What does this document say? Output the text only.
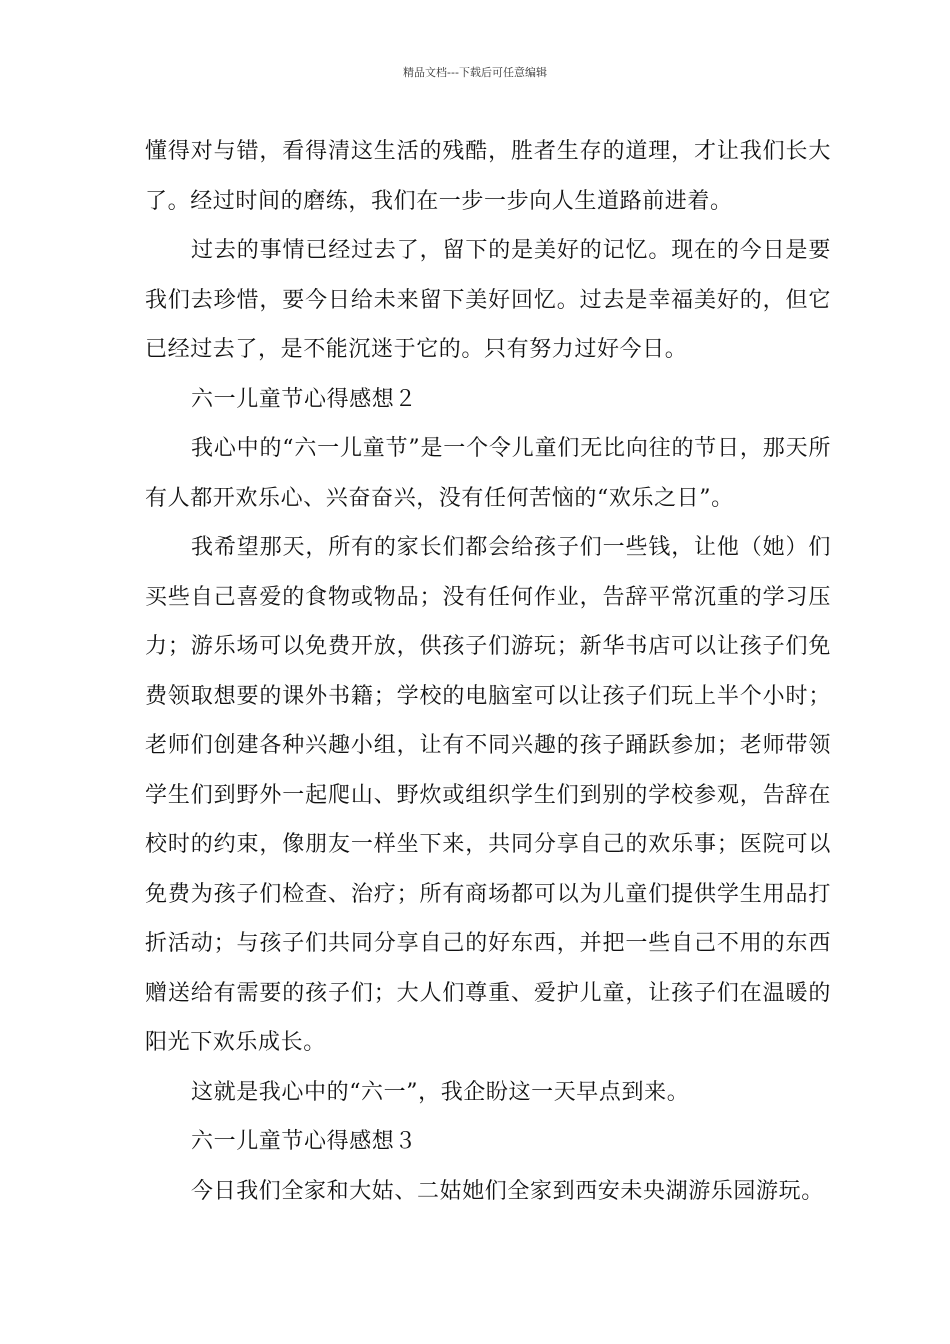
精品文档---下载后可任意编辑

懂得对与错，看得清这生活的残酷，胜者生存的道理，才让我们长大了。经过时间的磨练，我们在一步一步向人生道路前进着。

过去的事情已经过去了，留下的是美好的记忆。现在的今日是要我们去珍惜，要今日给未来留下美好回忆。过去是幸福美好的，但它已经过去了，是不能沉迷于它的。只有努力过好今日。

六一儿童节心得感想２

我心中的“六一儿童节”是一个令儿童们无比向往的节日，那天所有人都开欢乐心、兴奋奋兴，没有任何苦恼的“欢乐之日”。

我希望那天，所有的家长们都会给孩子们一些钱，让他（她）们买些自己喜爱的食物或物品；没有任何作业，告辞平常沉重的学习压力；游乐场可以免费开放，供孩子们游玩；新华书店可以让孩子们免费领取想要的课外书籍；学校的电脑室可以让孩子们玩上半个小时；老师们创建各种兴趣小组，让有不同兴趣的孩子踊跃参加；老师带领学生们到野外一起爬山、野炊或组织学生们到别的学校参观，告辞在校时的约束，像朋友一样坐下来，共同分享自己的欢乐事；医院可以免费为孩子们检查、治疗；所有商场都可以为儿童们提供学生用品打折活动；与孩子们共同分享自己的好东西，并把一些自己不用的东西赠送给有需要的孩子们；大人们尊重、爱护儿童，让孩子们在温暖的阳光下欢乐成长。

这就是我心中的“六一”，我企盼这一天早点到来。

六一儿童节心得感想３

今日我们全家和大姑、二姑她们全家到西安未央湖游乐园游玩。
